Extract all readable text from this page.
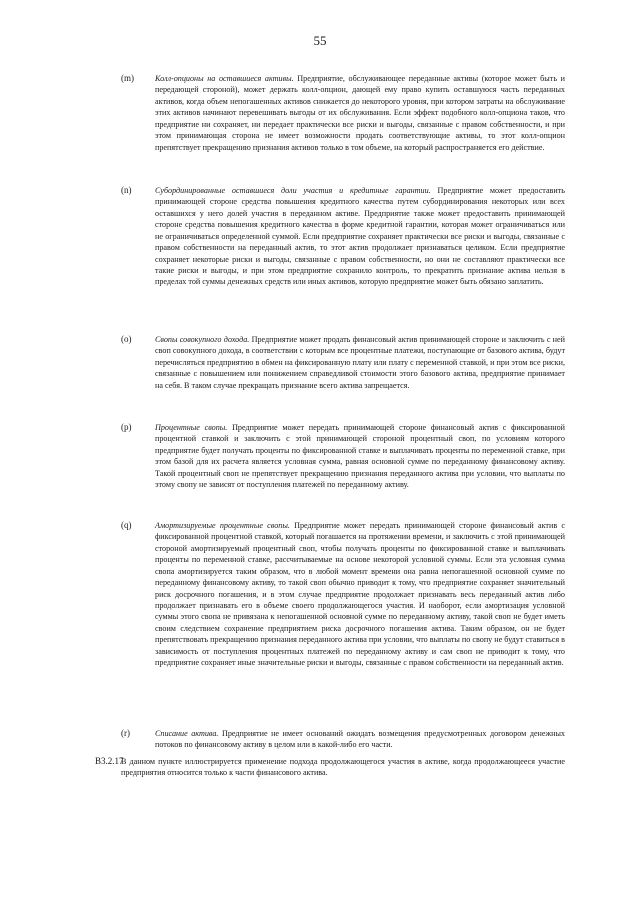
55
(m)	Колл-опционы на оставшиеся активы. Предприятие, обслуживающее переданные активы (которое может быть и передающей стороной), может держать колл-опцион, дающей ему право купить оставшуюся часть переданных активов, когда объем непогашенных активов снижается до некоторого уровня, при котором затраты на обслуживание этих активов начинают перевешивать выгоды от их обслуживания. Если эффект подобного колл-опциона таков, что предприятие ни сохраняет, ни передает практически все риски и выгоды, связанные с правом собственности, и при этом принимающая сторона не имеет возможности продать соответствующие активы, то этот колл-опцион препятствует прекращению признания активов только в том объеме, на который распространяется его действие.
(n)	Субординированные оставшиеся доли участия и кредитные гарантии. Предприятие может предоставить принимающей стороне средства повышения кредитного качества путем субординирования некоторых или всех оставшихся у него долей участия в переданном активе. Предприятие также может предоставить принимающей стороне средства повышения кредитного качества в форме кредитной гарантии, которая может ограничиваться или не ограничиваться определенной суммой. Если предприятие сохраняет практически все риски и выгоды, связанные с правом собственности на переданный актив, то этот актив продолжает признаваться целиком. Если предприятие сохраняет некоторые риски и выгоды, связанные с правом собственности, но они не составляют практически все такие риски и выгоды, и при этом предприятие сохранило контроль, то прекратить признание актива нельзя в пределах той суммы денежных средств или иных активов, которую предприятие может быть обязано заплатить.
(o)	Свопы совокупного дохода. Предприятие может продать финансовый актив принимающей стороне и заключить с ней своп совокупного дохода, в соответствии с которым все процентные платежи, поступающие от базового актива, будут перечисляться предприятию в обмен на фиксированную плату или плату с переменной ставкой, и при этом все риски, связанные с повышением или понижением справедливой стоимости этого базового актива, предприятие принимает на себя. В таком случае прекращать признание всего актива запрещается.
(p)	Процентные свопы. Предприятие может передать принимающей стороне финансовый актив с фиксированной процентной ставкой и заключить с этой принимающей стороной процентный своп, по условиям которого предприятие будет получать проценты по фиксированной ставке и выплачивать проценты по переменной ставке, при этом базой для их расчета является условная сумма, равная основной сумме по переданному финансовому активу. Такой процентный своп не препятствует прекращению признания переданного актива при условии, что выплаты по этому свопу не зависят от поступления платежей по переданному активу.
(q)	Амортизируемые процентные свопы. Предприятие может передать принимающей стороне финансовый актив с фиксированной процентной ставкой, который погашается на протяжении времени, и заключить с этой принимающей стороной амортизируемый процентный своп, чтобы получать проценты по фиксированной ставке и выплачивать проценты по переменной ставке, рассчитываемые на основе некоторой условной суммы. Если эта условная сумма свопа амортизируется таким образом, что в любой момент времени она равна непогашенной основной сумме по переданному финансовому активу, то такой своп обычно приводит к тому, что предприятие сохраняет значительный риск досрочного погашения, и в этом случае предприятие продолжает признавать весь переданный актив либо продолжает признавать его в объеме своего продолжающегося участия. И наоборот, если амортизация условной суммы этого свопа не привязана к непогашенной основной сумме по переданному активу, такой своп не будет иметь своим следствием сохранение предприятием риска досрочного погашения актива. Таким образом, он не будет препятствовать прекращению признания переданного актива при условии, что выплаты по свопу не будут ставиться в зависимость от поступления процентных платежей по переданному активу и сам своп не приводит к тому, что предприятие сохраняет иные значительные риски и выгоды, связанные с правом собственности на переданный актив.
(r)	Списание актива. Предприятие не имеет оснований ожидать возмещения предусмотренных договором денежных потоков по финансовому активу в целом или в какой-либо его части.
B3.2.17
В данном пункте иллюстрируется применение подхода продолжающегося участия в активе, когда продолжающееся участие предприятия относится только к части финансового актива.
